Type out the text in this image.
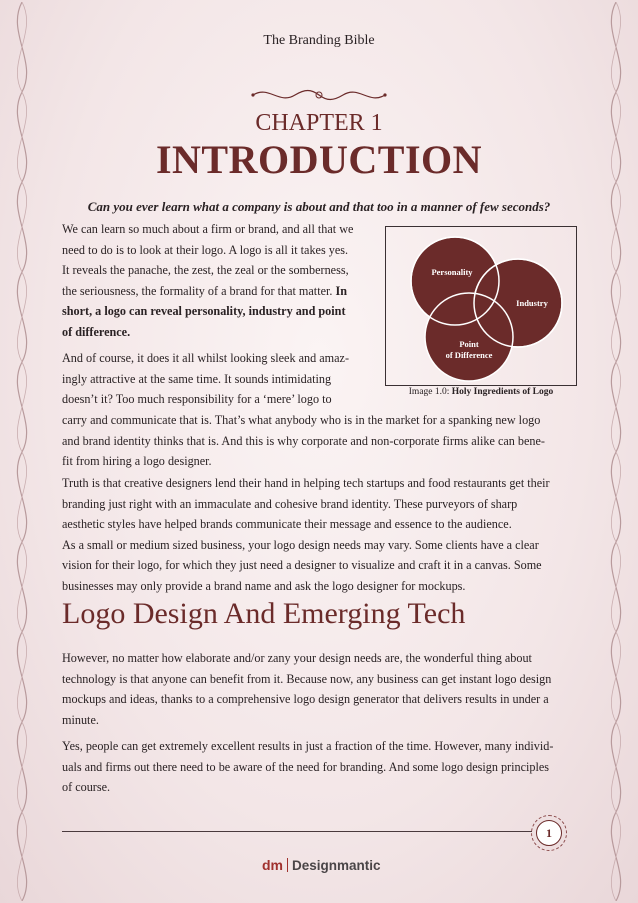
The Branding Bible
CHAPTER 1
INTRODUCTION
Can you ever learn what a company is about and that too in a manner of few seconds?
We can learn so much about a firm or brand, and all that we
need to do is to look at their logo. A logo is all it takes yes.
It reveals the panache, the zest, the zeal or the somberness,
the seriousness, the formality of a brand for that matter. In
short, a logo can reveal personality, industry and point
of difference.
And of course, it does it all whilst looking sleek and amaz-
ingly attractive at the same time. It sounds intimidating
doesn’t it? Too much responsibility for a ‘mere’ logo to
carry and communicate that is. That’s what anybody who is in the market for a spanking new logo
and brand identity thinks that is. And this is why corporate and non-corporate firms alike can bene-
fit from hiring a logo designer.
Personality
Industry
Point
of Difference
Image 1.0: Holy Ingredients of Logo
Truth is that creative designers lend their hand in helping tech startups and food restaurants get their
branding just right with an immaculate and cohesive brand identity. These purveyors of sharp
aesthetic styles have helped brands communicate their message and essence to the audience.
As a small or medium sized business, your logo design needs may vary. Some clients have a clear
vision for their logo, for which they just need a designer to visualize and craft it in a canvas. Some
businesses may only provide a brand name and ask the logo designer for mockups.
Logo Design And Emerging Tech
However, no matter how elaborate and/or zany your design needs are, the wonderful thing about
technology is that anyone can benefit from it. Because now, any business can get instant logo design
mockups and ideas, thanks to a comprehensive logo design generator that delivers results in under a
minute.
Yes, people can get extremely excellent results in just a fraction of the time. However, many individ-
uals and firms out there need to be aware of the need for branding. And some logo design principles
of course.
1
dm Designmantic
